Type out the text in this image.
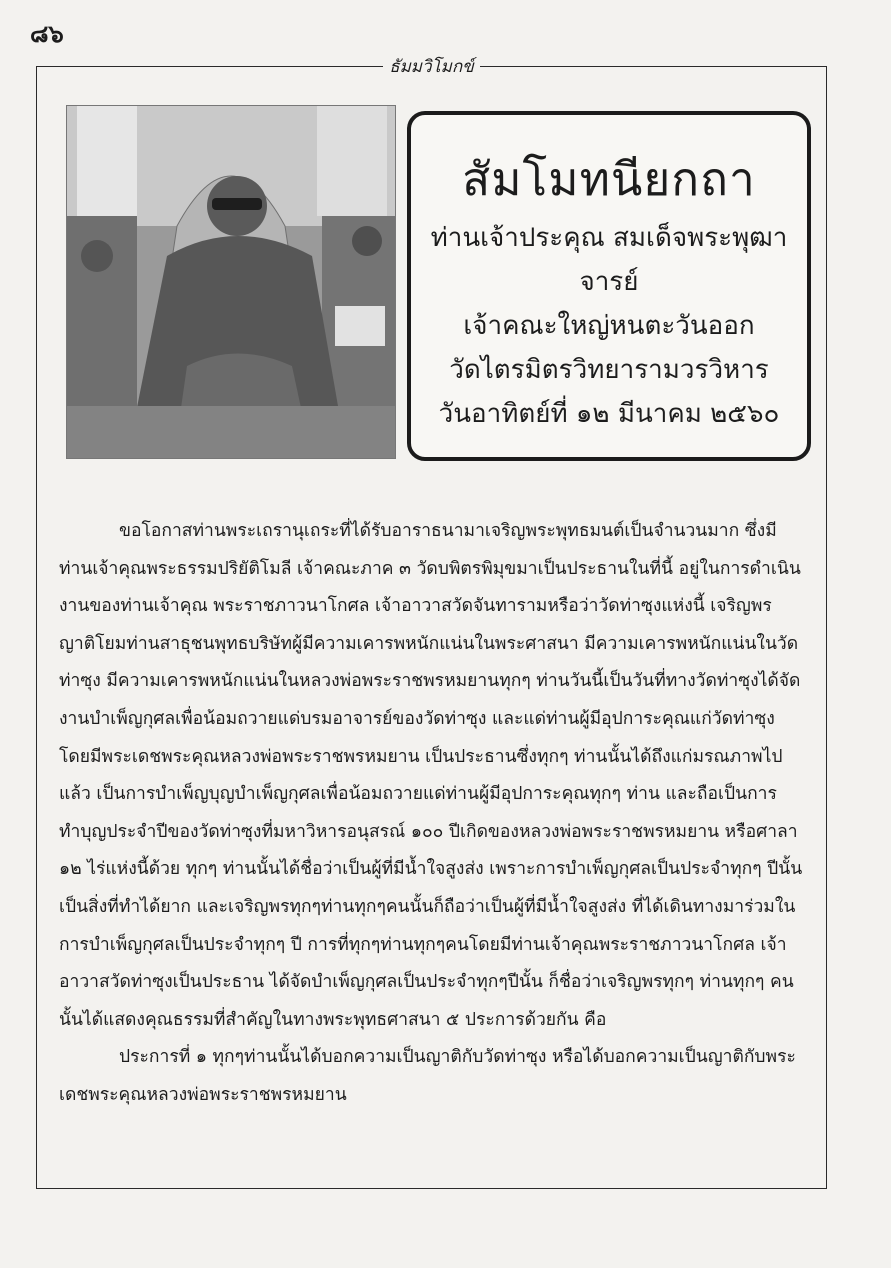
๘๖
ธัมมวิโมกข์
สัมโมทนียกถา
ท่านเจ้าประคุณ สมเด็จพระพุฒาจารย์
เจ้าคณะใหญ่หนตะวันออก
วัดไตรมิตรวิทยารามวรวิหาร
วันอาทิตย์ที่ ๑๒ มีนาคม ๒๕๖๐

ขอโอกาสท่านพระเถรานุเถระที่ได้รับอาราธนามาเจริญพระพุทธมนต์เป็นจำนวนมาก ซึ่งมีท่านเจ้าคุณพระธรรมปริยัติโมลี เจ้าคณะภาค ๓ วัดบพิตรพิมุขมาเป็นประธานในที่นี้ อยู่ในการดำเนินงานของท่านเจ้าคุณ พระราชภาวนาโกศล เจ้าอาวาสวัดจันทารามหรือว่าวัดท่าซุงแห่งนี้ เจริญพรญาติโยมท่านสาธุชนพุทธบริษัทผู้มีความเคารพหนักแน่นในพระศาสนา มีความเคารพหนักแน่นในวัดท่าซุง มีความเคารพหนักแน่นในหลวงพ่อพระราชพรหมยานทุกๆ ท่านวันนี้เป็นวันที่ทางวัดท่าซุงได้จัดงานบำเพ็ญกุศลเพื่อน้อมถวายแด่บรมอาจารย์ของวัดท่าซุง และแด่ท่านผู้มีอุปการะคุณแก่วัดท่าซุง โดยมีพระเดชพระคุณหลวงพ่อพระราชพรหมยาน เป็นประธานซึ่งทุกๆ ท่านนั้นได้ถึงแก่มรณภาพไปแล้ว เป็นการบำเพ็ญบุญบำเพ็ญกุศลเพื่อน้อมถวายแด่ท่านผู้มีอุปการะคุณทุกๆ ท่าน และถือเป็นการทำบุญประจำปีของวัดท่าซุงที่มหาวิหารอนุสรณ์ ๑๐๐ ปีเกิดของหลวงพ่อพระราชพรหมยาน หรือศาลา ๑๒ ไร่แห่งนี้ด้วย ทุกๆ ท่านนั้นได้ชื่อว่าเป็นผู้ที่มีน้ำใจสูงส่ง เพราะการบำเพ็ญกุศลเป็นประจำทุกๆ ปีนั้นเป็นสิ่งที่ทำได้ยาก และเจริญพรทุกๆท่านทุกๆคนนั้นก็ถือว่าเป็นผู้ที่มีน้ำใจสูงส่ง ที่ได้เดินทางมาร่วมในการบำเพ็ญกุศลเป็นประจำทุกๆ ปี การที่ทุกๆท่านทุกๆคนโดยมีท่านเจ้าคุณพระราชภาวนาโกศล เจ้าอาวาสวัดท่าซุงเป็นประธาน ได้จัดบำเพ็ญกุศลเป็นประจำทุกๆปีนั้น ก็ชื่อว่าเจริญพรทุกๆ ท่านทุกๆ คนนั้นได้แสดงคุณธรรมที่สำคัญในทางพระพุทธศาสนา ๕ ประการด้วยกัน คือ

ประการที่ ๑ ทุกๆท่านนั้นได้บอกความเป็นญาติกับวัดท่าซุง หรือได้บอกความเป็นญาติกับพระเดชพระคุณหลวงพ่อพระราชพรหมยาน
